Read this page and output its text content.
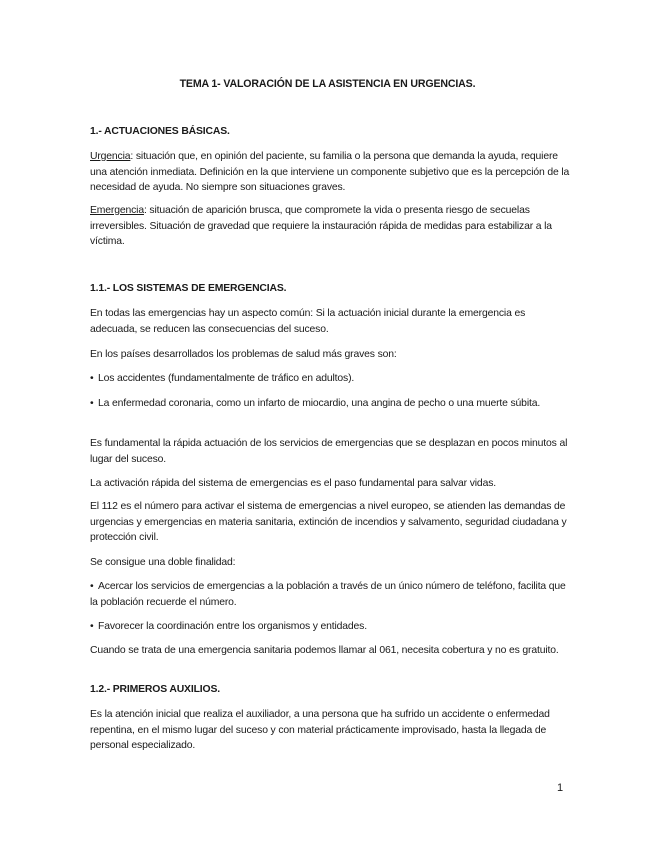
TEMA 1- VALORACIÓN DE LA ASISTENCIA EN URGENCIAS.
1.- ACTUACIONES BÁSICAS.
Urgencia: situación que, en opinión del paciente, su familia o la persona que demanda la ayuda, requiere una atención inmediata. Definición en la que interviene un componente subjetivo que es la percepción de la necesidad de ayuda. No siempre son situaciones graves.
Emergencia: situación de aparición brusca, que compromete la vida o presenta riesgo de secuelas irreversibles. Situación de gravedad que requiere la instauración rápida de medidas para estabilizar a la víctima.
1.1.- LOS SISTEMAS DE EMERGENCIAS.
En todas las emergencias hay un aspecto común: Si la actuación inicial durante la emergencia es adecuada, se reducen las consecuencias del suceso.
En los países desarrollados los problemas de salud más graves son:
• Los accidentes (fundamentalmente de tráfico en adultos).
• La enfermedad coronaria, como un infarto de miocardio, una angina de pecho o una muerte súbita.
Es fundamental la rápida actuación de los servicios de emergencias que se desplazan en pocos minutos al lugar del suceso.
La activación rápida del sistema de emergencias es el paso fundamental para salvar vidas.
El 112 es el número para activar el sistema de emergencias a nivel europeo, se atienden las demandas de urgencias y emergencias en materia sanitaria, extinción de incendios y salvamento, seguridad ciudadana y protección civil.
Se consigue una doble finalidad:
• Acercar los servicios de emergencias a la población a través de un único número de teléfono, facilita que la población recuerde el número.
• Favorecer la coordinación entre los organismos y entidades.
Cuando se trata de una emergencia sanitaria podemos llamar al 061, necesita cobertura y no es gratuito.
1.2.- PRIMEROS AUXILIOS.
Es la atención inicial que realiza el auxiliador, a una persona que ha sufrido un accidente o enfermedad repentina, en el mismo lugar del suceso y con material prácticamente improvisado, hasta la llegada de personal especializado.
1
